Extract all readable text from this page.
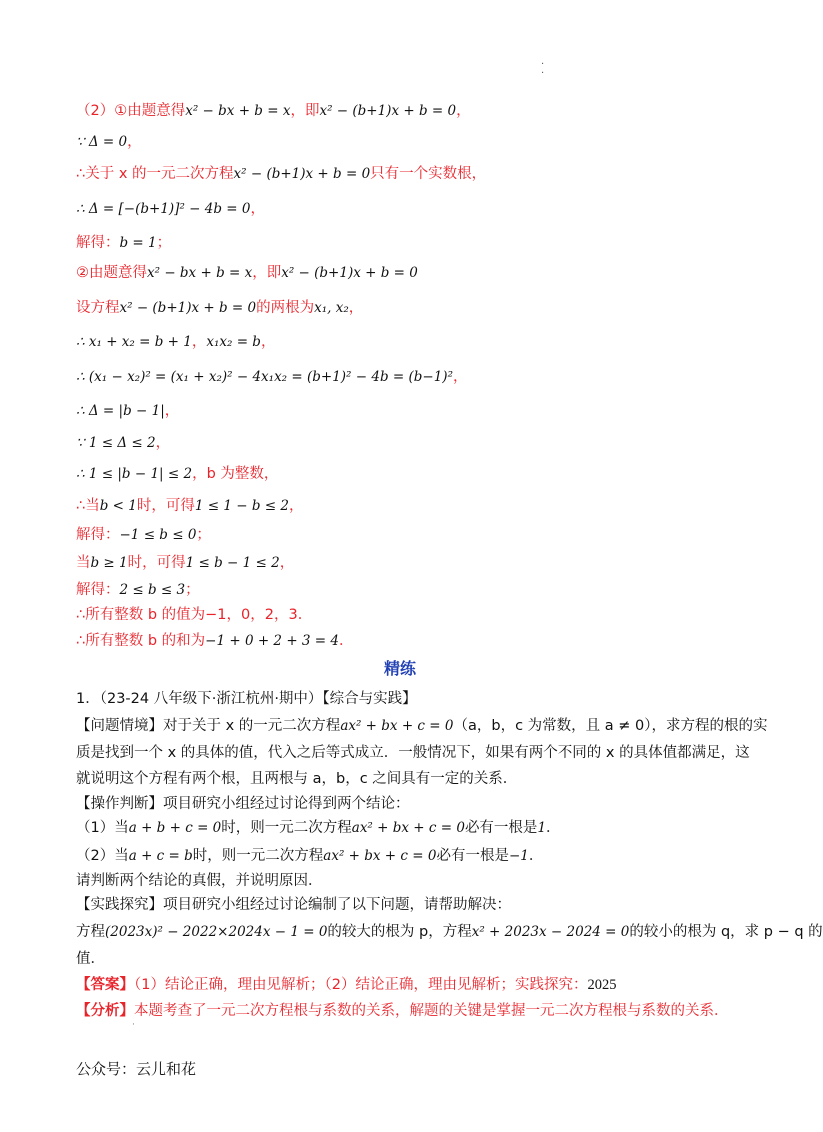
·
·
（2）①由题意得x² − bx + b = x，即x² − (b+1)x + b = 0，
∵ Δ = 0，
∴关于 x 的一元二次方程x² − (b+1)x + b = 0只有一个实数根，
∴ Δ = [−(b+1)]² − 4b = 0，
解得：b = 1；
②由题意得x² − bx + b = x，即x² − (b+1)x + b = 0
设方程x² − (b+1)x + b = 0的两根为x₁, x₂，
∴ x₁ + x₂ = b + 1，x₁x₂ = b，
∴ (x₁ − x₂)² = (x₁ + x₂)² − 4x₁x₂ = (b+1)² − 4b = (b−1)²，
∴ Δ = |b − 1|，
∵ 1 ≤ Δ ≤ 2，
∴ 1 ≤ |b − 1| ≤ 2，b 为整数，
∴当b < 1时，可得1 ≤ 1 − b ≤ 2，
解得：−1 ≤ b ≤ 0；
当b ≥ 1时，可得1 ≤ b − 1 ≤ 2，
解得：2 ≤ b ≤ 3；
∴所有整数 b 的值为−1，0，2，3．
∴所有整数 b 的和为−1 + 0 + 2 + 3 = 4．
精练
1．（23-24 八年级下·浙江杭州·期中）【综合与实践】
【问题情境】对于关于 x 的一元二次方程ax² + bx + c = 0（a，b，c 为常数，且 a ≠ 0），求方程的根的实
质是找到一个 x 的具体的值，代入之后等式成立．一般情况下，如果有两个不同的 x 的具体值都满足，这
就说明这个方程有两个根，且两根与 a，b，c 之间具有一定的关系．
【操作判断】项目研究小组经过讨论得到两个结论：
（1）当a + b + c = 0时，则一元二次方程ax² + bx + c = 0必有一根是1．
（2）当a + c = b时，则一元二次方程ax² + bx + c = 0必有一根是−1．
请判断两个结论的真假，并说明原因．
【实践探究】项目研究小组经过讨论编制了以下问题，请帮助解决：
方程(2023x)² − 2022×2024x − 1 = 0的较大的根为 p，方程x² + 2023x − 2024 = 0的较小的根为 q，求 p − q 的
值．
【答案】（1）结论正确，理由见解析；（2）结论正确，理由见解析；实践探究：2025
【分析】本题考查了一元二次方程根与系数的关系，解题的关键是掌握一元二次方程根与系数的关系．
·
公众号：云儿和花
